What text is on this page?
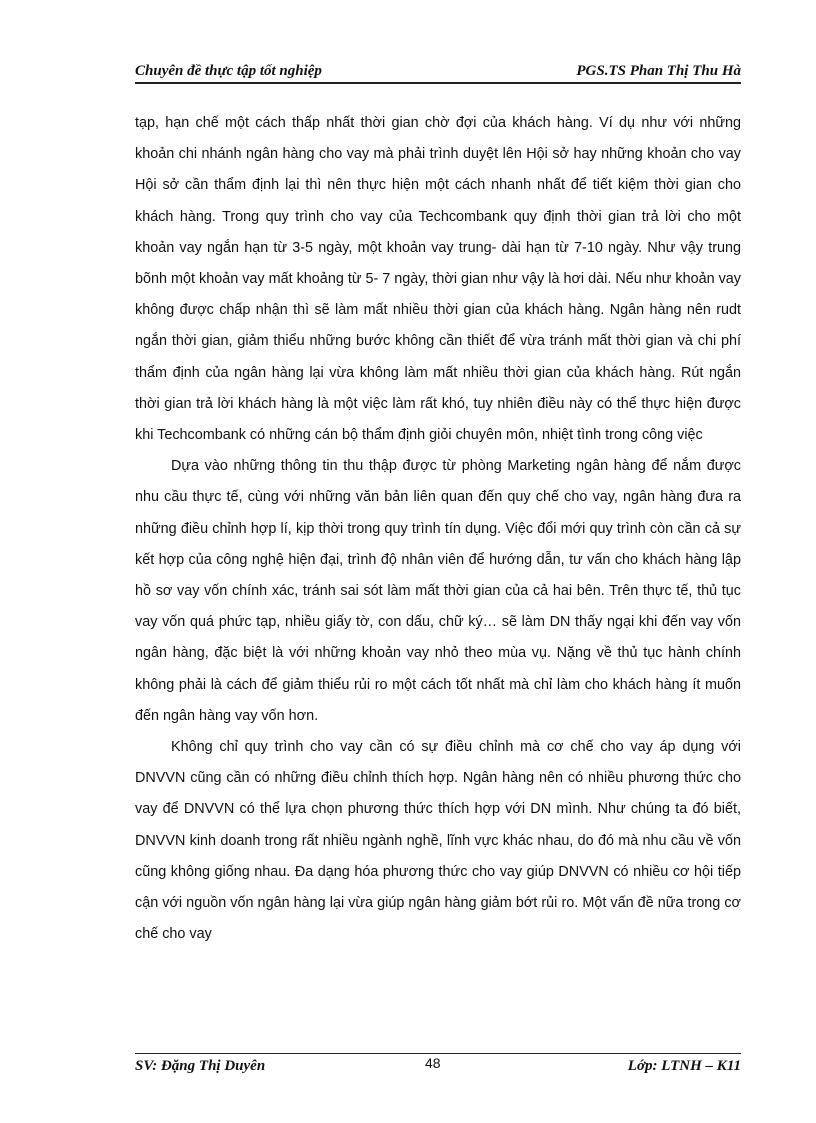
Chuyên đề thực tập tốt nghiệp	PGS.TS Phan Thị Thu Hà

tạp, hạn chế một cách thấp nhất thời gian chờ đợi của khách hàng. Ví dụ như với những khoản chi nhánh ngân hàng cho vay mà phải trình duyệt lên Hội sở hay những khoản cho vay Hội sở cần thẩm định lại thì nên thực hiện một cách nhanh nhất để tiết kiệm thời gian cho khách hàng. Trong quy trình cho vay của Techcombank quy định thời gian trả lời cho một khoản vay ngắn hạn từ 3-5 ngày, một khoản vay trung- dài hạn từ 7-10 ngày. Như vậy trung bõnh một khoản vay mất khoảng từ 5- 7 ngày, thời gian như vậy là hơi dài. Nếu như khoản vay không được chấp nhận thì sẽ làm mất nhiều thời gian của khách hàng. Ngân hàng nên rudt ngắn thời gian, giảm thiểu những bước không cần thiết để vừa tránh mất thời gian và chi phí thẩm định của ngân hàng lại vừa không làm mất nhiều thời gian của khách hàng. Rút ngắn thời gian trả lời khách hàng là một việc làm rất khó, tuy nhiên điều này có thể thực hiện được khi Techcombank có những cán bộ thẩm định giỏi chuyên môn, nhiệt tình trong công việc

Dựa vào những thông tin thu thập được từ phòng Marketing ngân hàng để nắm được nhu cầu thực tế, cùng với những văn bản liên quan đến quy chế cho vay, ngân hàng đưa ra những điều chỉnh hợp lí, kịp thời trong quy trình tín dụng. Việc đổi mới quy trình còn cần cả sự kết hợp của công nghệ hiện đại, trình độ nhân viên để hướng dẫn, tư vấn cho khách hàng lập hồ sơ vay vốn chính xác, tránh sai sót làm mất thời gian của cả hai bên. Trên thực tế, thủ tục vay vốn quá phức tạp, nhiều giấy tờ, con dấu, chữ ký… sẽ làm DN thấy ngại khi đến vay vốn ngân hàng, đặc biệt là với những khoản vay nhỏ theo mùa vụ. Nặng về thủ tục hành chính không phải là cách để giảm thiểu rủi ro một cách tốt nhất mà chỉ làm cho khách hàng ít muốn đến ngân hàng vay vốn hơn.

Không chỉ quy trình cho vay cần có sự điều chỉnh mà cơ chế cho vay áp dụng với DNVVN cũng cần có những điều chỉnh thích hợp. Ngân hàng nên có nhiều phương thức cho vay để DNVVN có thể lựa chọn phương thức thích hợp với DN mình. Như chúng ta đó biết, DNVVN kinh doanh trong rất nhiều ngành nghề, lĩnh vực khác nhau, do đó mà nhu cầu về vốn cũng không giống nhau. Đa dạng hóa phương thức cho vay giúp DNVVN có nhiều cơ hội tiếp cận với nguồn vốn ngân hàng lại vừa giúp ngân hàng giảm bớt rủi ro. Một vấn đề nữa trong cơ chế cho vay

SV: Đặng Thị Duyên	48	Lớp: LTNH – K11
